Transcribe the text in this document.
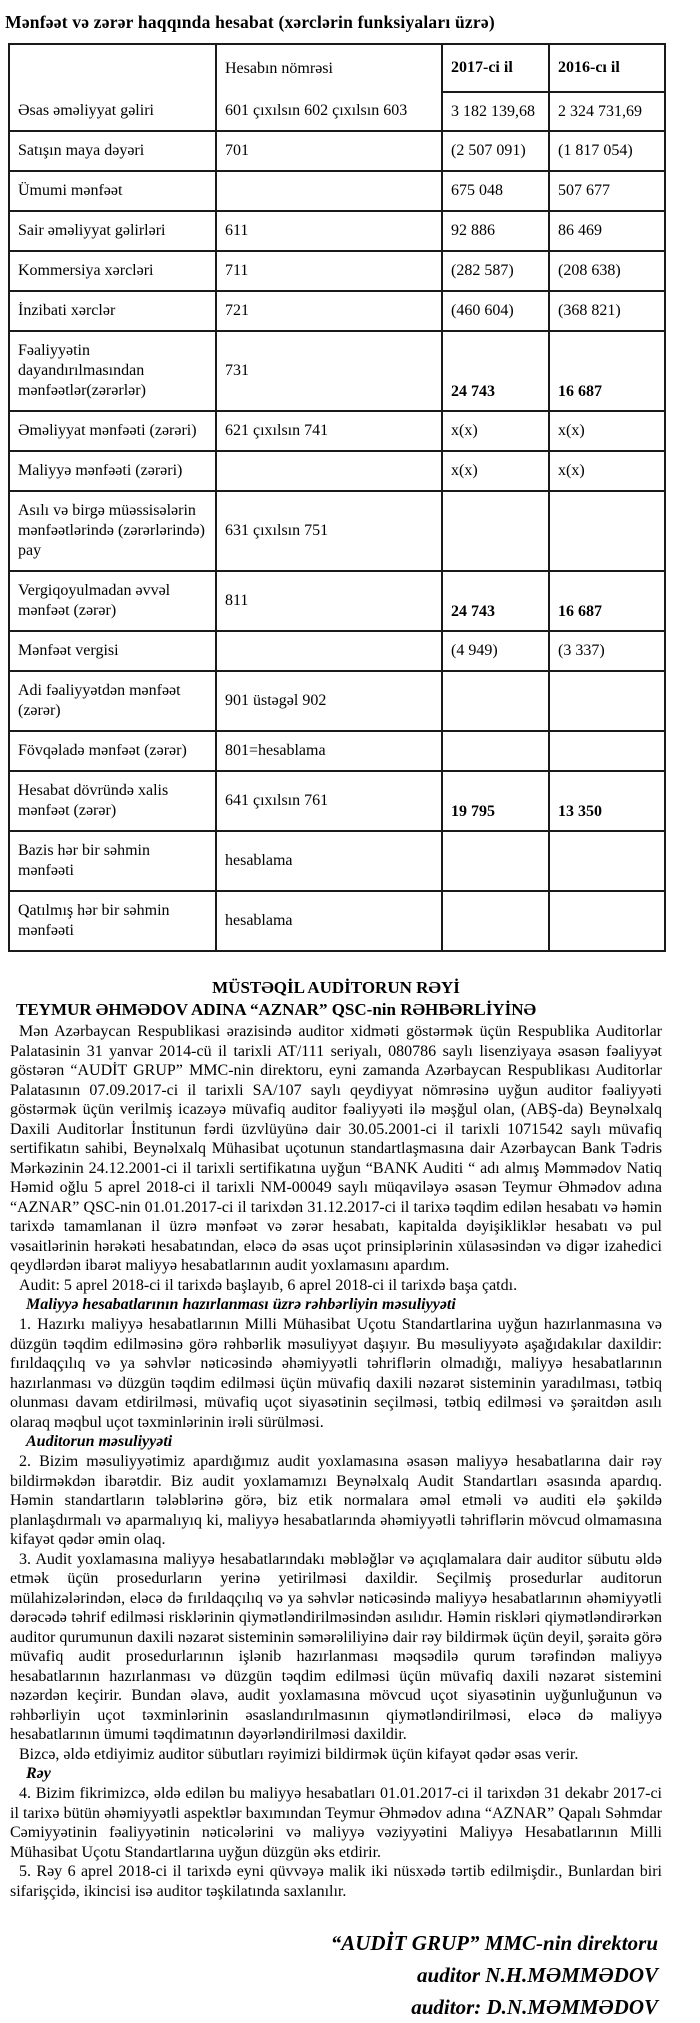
Mənfəət və zərər haqqında hesabat (xərclərin funksiyaları üzrə)
	Hesabın nömrəsi	2017-ci il	2016-cı il
Əsas əməliyyat gəliri	601 çıxılsın 602 çıxılsın 603	3 182 139,68	2 324 731,69
Satışın maya dəyəri	701	(2 507 091)	(1 817 054)
Ümumi mənfəət		675 048	507 677
Sair əməliyyat gəlirləri	611	92 886	86 469
Kommersiya xərcləri	711	(282 587)	(208 638)
İnzibati xərclər	721	(460 604)	(368 821)
Fəaliyyətin dayandırılmasından mənfəətlər(zərərlər)	731	24 743	16 687
Əməliyyat mənfəəti (zərəri)	621 çıxılsın 741	x(x)	x(x)
Maliyyə mənfəəti (zərəri)		x(x)	x(x)
Asılı və birgə müəssisələrin mənfəətlərində (zərərlərində) pay	631 çıxılsın 751		
Vergiqoyulmadan əvvəl mənfəət (zərər)	811	24 743	16 687
Mənfəət vergisi		(4 949)	(3 337)
Adi fəaliyyətdən mənfəət (zərər)	901 üstəgəl 902		
Fövqəladə mənfəət (zərər)	801=hesablama		
Hesabat dövründə xalis mənfəət (zərər)	641 çıxılsın 761	19 795	13 350
Bazis hər bir səhmin mənfəəti	hesablama		
Qatılmış hər bir səhmin mənfəəti	hesablama		
MÜSTƏQİL AUDİTORUN RƏYİ
TEYMUR ƏHMƏDOV ADINA “AZNAR” QSC-nin RƏHBƏRLİYİNƏ

Mən Azərbaycan Respublikasi ərazisində auditor xidməti göstərmək üçün Respublika Auditorlar Palatasinin 31 yanvar 2014-cü il tarixli AT/111 seriyalı, 080786 saylı lisenziyaya əsasən fəaliyyət göstərən “AUDİT GRUP” MMC-nin direktoru, eyni zamanda Azərbaycan Respublikası Auditorlar Palatasının 07.09.2017-ci il tarixli SA/107 saylı qeydiyyat nömrəsinə uyğun auditor fəaliyyəti göstərmək üçün verilmiş icazəyə müvafiq auditor fəaliyyəti ilə məşğul olan, (ABŞ-da) Beynəlxalq Daxili Auditorlar İnstitunun fərdi üzvlüyünə dair 30.05.2001-ci il tarixli 1071542 saylı müvafiq sertifikatın sahibi, Beynəlxalq Mühasibat uçotunun standartlaşmasına dair Azərbaycan Bank Tədris Mərkəzinin 24.12.2001-ci il tarixli sertifikatına uyğun “BANK Auditi “ adı almış Məmmədov Natiq Həmid oğlu 5 aprel 2018-ci il tarixli NM-00049 saylı müqaviləyə əsasən Teymur Əhmədov adına “AZNAR” QSC-nin 01.01.2017-ci il tarixdən 31.12.2017-ci il tarixə təqdim edilən hesabatı və həmin tarixdə tamamlanan il üzrə mənfəət və zərər hesabatı, kapitalda dəyişikliklər hesabatı və pul vəsaitlərinin hərəkəti hesabatından, eləcə də əsas uçot prinsiplərinin xülasəsindən və digər izahedici qeydlərdən ibarət maliyyə hesabatlarının audit yoxlamasını apardım.

Audit: 5 aprel 2018-ci il tarixdə başlayıb, 6 aprel 2018-ci il tarixdə başa çatdı.

Maliyyə hesabatlarının hazırlanması üzrə rəhbərliyin məsuliyyəti

1. Hazırkı maliyyə hesabatlarının Milli Mühasibat Uçotu Standartlarina uyğun hazırlanmasına və düzgün təqdim edilməsinə görə rəhbərlik məsuliyyət daşıyır. Bu məsuliyyətə aşağıdakılar daxildir: fırıldaqçılıq və ya səhvlər nəticəsində əhəmiyyətli təhriflərin olmadığı, maliyyə hesabatlarının hazırlanması və düzgün təqdim edilməsi üçün müvafiq daxili nəzarət sisteminin yaradılması, tətbiq olunması davam etdirilməsi, müvafiq uçot siyasətinin seçilməsi, tətbiq edilməsi və şəraitdən asılı olaraq məqbul uçot təxminlərinin irəli sürülməsi.

Auditorun məsuliyyəti

2. Bizim məsuliyyətimiz apardığımız audit yoxlamasına əsasən maliyyə hesabatlarına dair rəy bildirməkdən ibarətdir. Biz audit yoxlamamızı Beynəlxalq Audit Standartları əsasında apardıq. Həmin standartların tələblərinə görə, biz etik normalara əməl etməli və auditi elə şəkildə planlaşdırmalı və aparmalıyıq ki, maliyyə hesabatlarında əhəmiyyətli təhriflərin mövcud olmamasına kifayət qədər əmin olaq.

3. Audit yoxlamasına maliyyə hesabatlarındakı məbləğlər və açıqlamalara dair auditor sübutu əldə etmək üçün prosedurların yerinə yetirilməsi daxildir. Seçilmiş prosedurlar auditorun mülahizələrindən, eləcə də fırıldaqçılıq və ya səhvlər nəticəsində maliyyə hesabatlarının əhəmiyyətli dərəcədə təhrif edilməsi risklərinin qiymətləndirilməsindən asılıdır. Həmin riskləri qiymətləndirərkən auditor qurumunun daxili nəzarət sisteminin səmərəliliyinə dair rəy bildirmək üçün deyil, şəraitə görə müvafiq audit prosedurlarının işlənib hazırlanması məqsədilə qurum tərəfindən maliyyə hesabatlarının hazırlanması və düzgün təqdim edilməsi üçün müvafiq daxili nəzarət sistemini nəzərdən keçirir. Bundan əlavə, audit yoxlamasına mövcud uçot siyasətinin uyğunluğunun və rəhbərliyin uçot təxminlərinin əsaslandırılmasının qiymətləndirilməsi, eləcə də maliyyə hesabatlarının ümumi təqdimatının dəyərləndirilməsi daxildir.

Bizcə, əldə etdiyimiz auditor sübutları rəyimizi bildirmək üçün kifayət qədər əsas verir.

Rəy

4. Bizim fikrimizcə, əldə edilən bu maliyyə hesabatları 01.01.2017-ci il tarixdən 31 dekabr 2017-ci il tarixə bütün əhəmiyyətli aspektlər baxımından Teymur Əhmədov adına “AZNAR” Qapalı Səhmdar Cəmiyyətinin fəaliyyətinin nəticələrini və maliyyə vəziyyətini Maliyyə Hesabatlarının Milli Mühasibat Uçotu Standartlarına uyğun düzgün əks etdirir.

5. Rəy 6 aprel 2018-ci il tarixdə eyni qüvvəyə malik iki nüsxədə tərtib edilmişdir., Bunlardan biri sifarişçidə, ikincisi isə auditor təşkilatında saxlanılır.

“AUDİT GRUP” MMC-nin direktoru
auditor N.H.MƏMMƏDOV
auditor: D.N.MƏMMƏDOV
